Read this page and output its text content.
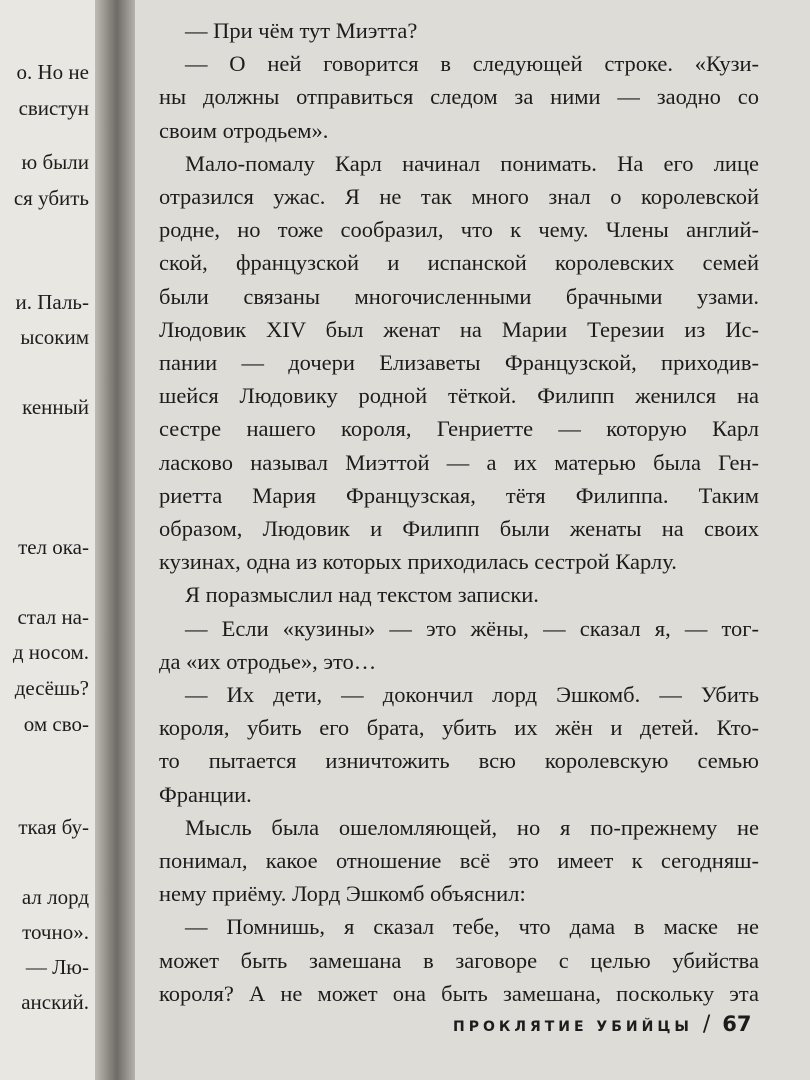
о. Но не
свистун
ю были
ся убить
и. Паль-
ысоким
кенный
тел ока-
стал на-
д носом.
десёшь?
ом сво-
ткая бу-
ал лорд
точно».
— Лю-
анский.
— При чём тут Миэтта?
— О ней говорится в следующей строке. «Кузи-
ны должны отправиться следом за ними — заодно со
своим отродьем».
Мало-помалу Карл начинал понимать. На его лице
отразился ужас. Я не так много знал о королевской
родне, но тоже сообразил, что к чему. Члены англий-
ской, французской и испанской королевских семей
были связаны многочисленными брачными узами.
Людовик XIV был женат на Марии Терезии из Ис-
пании — дочери Елизаветы Французской, приходив-
шейся Людовику родной тёткой. Филипп женился на
сестре нашего короля, Генриетте — которую Карл
ласково называл Миэттой — а их матерью была Ген-
риетта Мария Французская, тётя Филиппа. Таким
образом, Людовик и Филипп были женаты на своих
кузинах, одна из которых приходилась сестрой Карлу.
Я поразмыслил над текстом записки.
— Если «кузины» — это жёны, — сказал я, — тог-
да «их отродье», это…
— Их дети, — докончил лорд Эшкомб. — Убить
короля, убить его брата, убить их жён и детей. Кто-
то пытается изничтожить всю королевскую семью
Франции.
Мысль была ошеломляющей, но я по-прежнему не
понимал, какое отношение всё это имеет к сегодняш-
нему приёму. Лорд Эшкомб объяснил:
— Помнишь, я сказал тебе, что дама в маске не
может быть замешана в заговоре с целью убийства
короля? А не может она быть замешана, поскольку эта
ПРОКЛЯТИЕ УБИЙЦЫ / 67
